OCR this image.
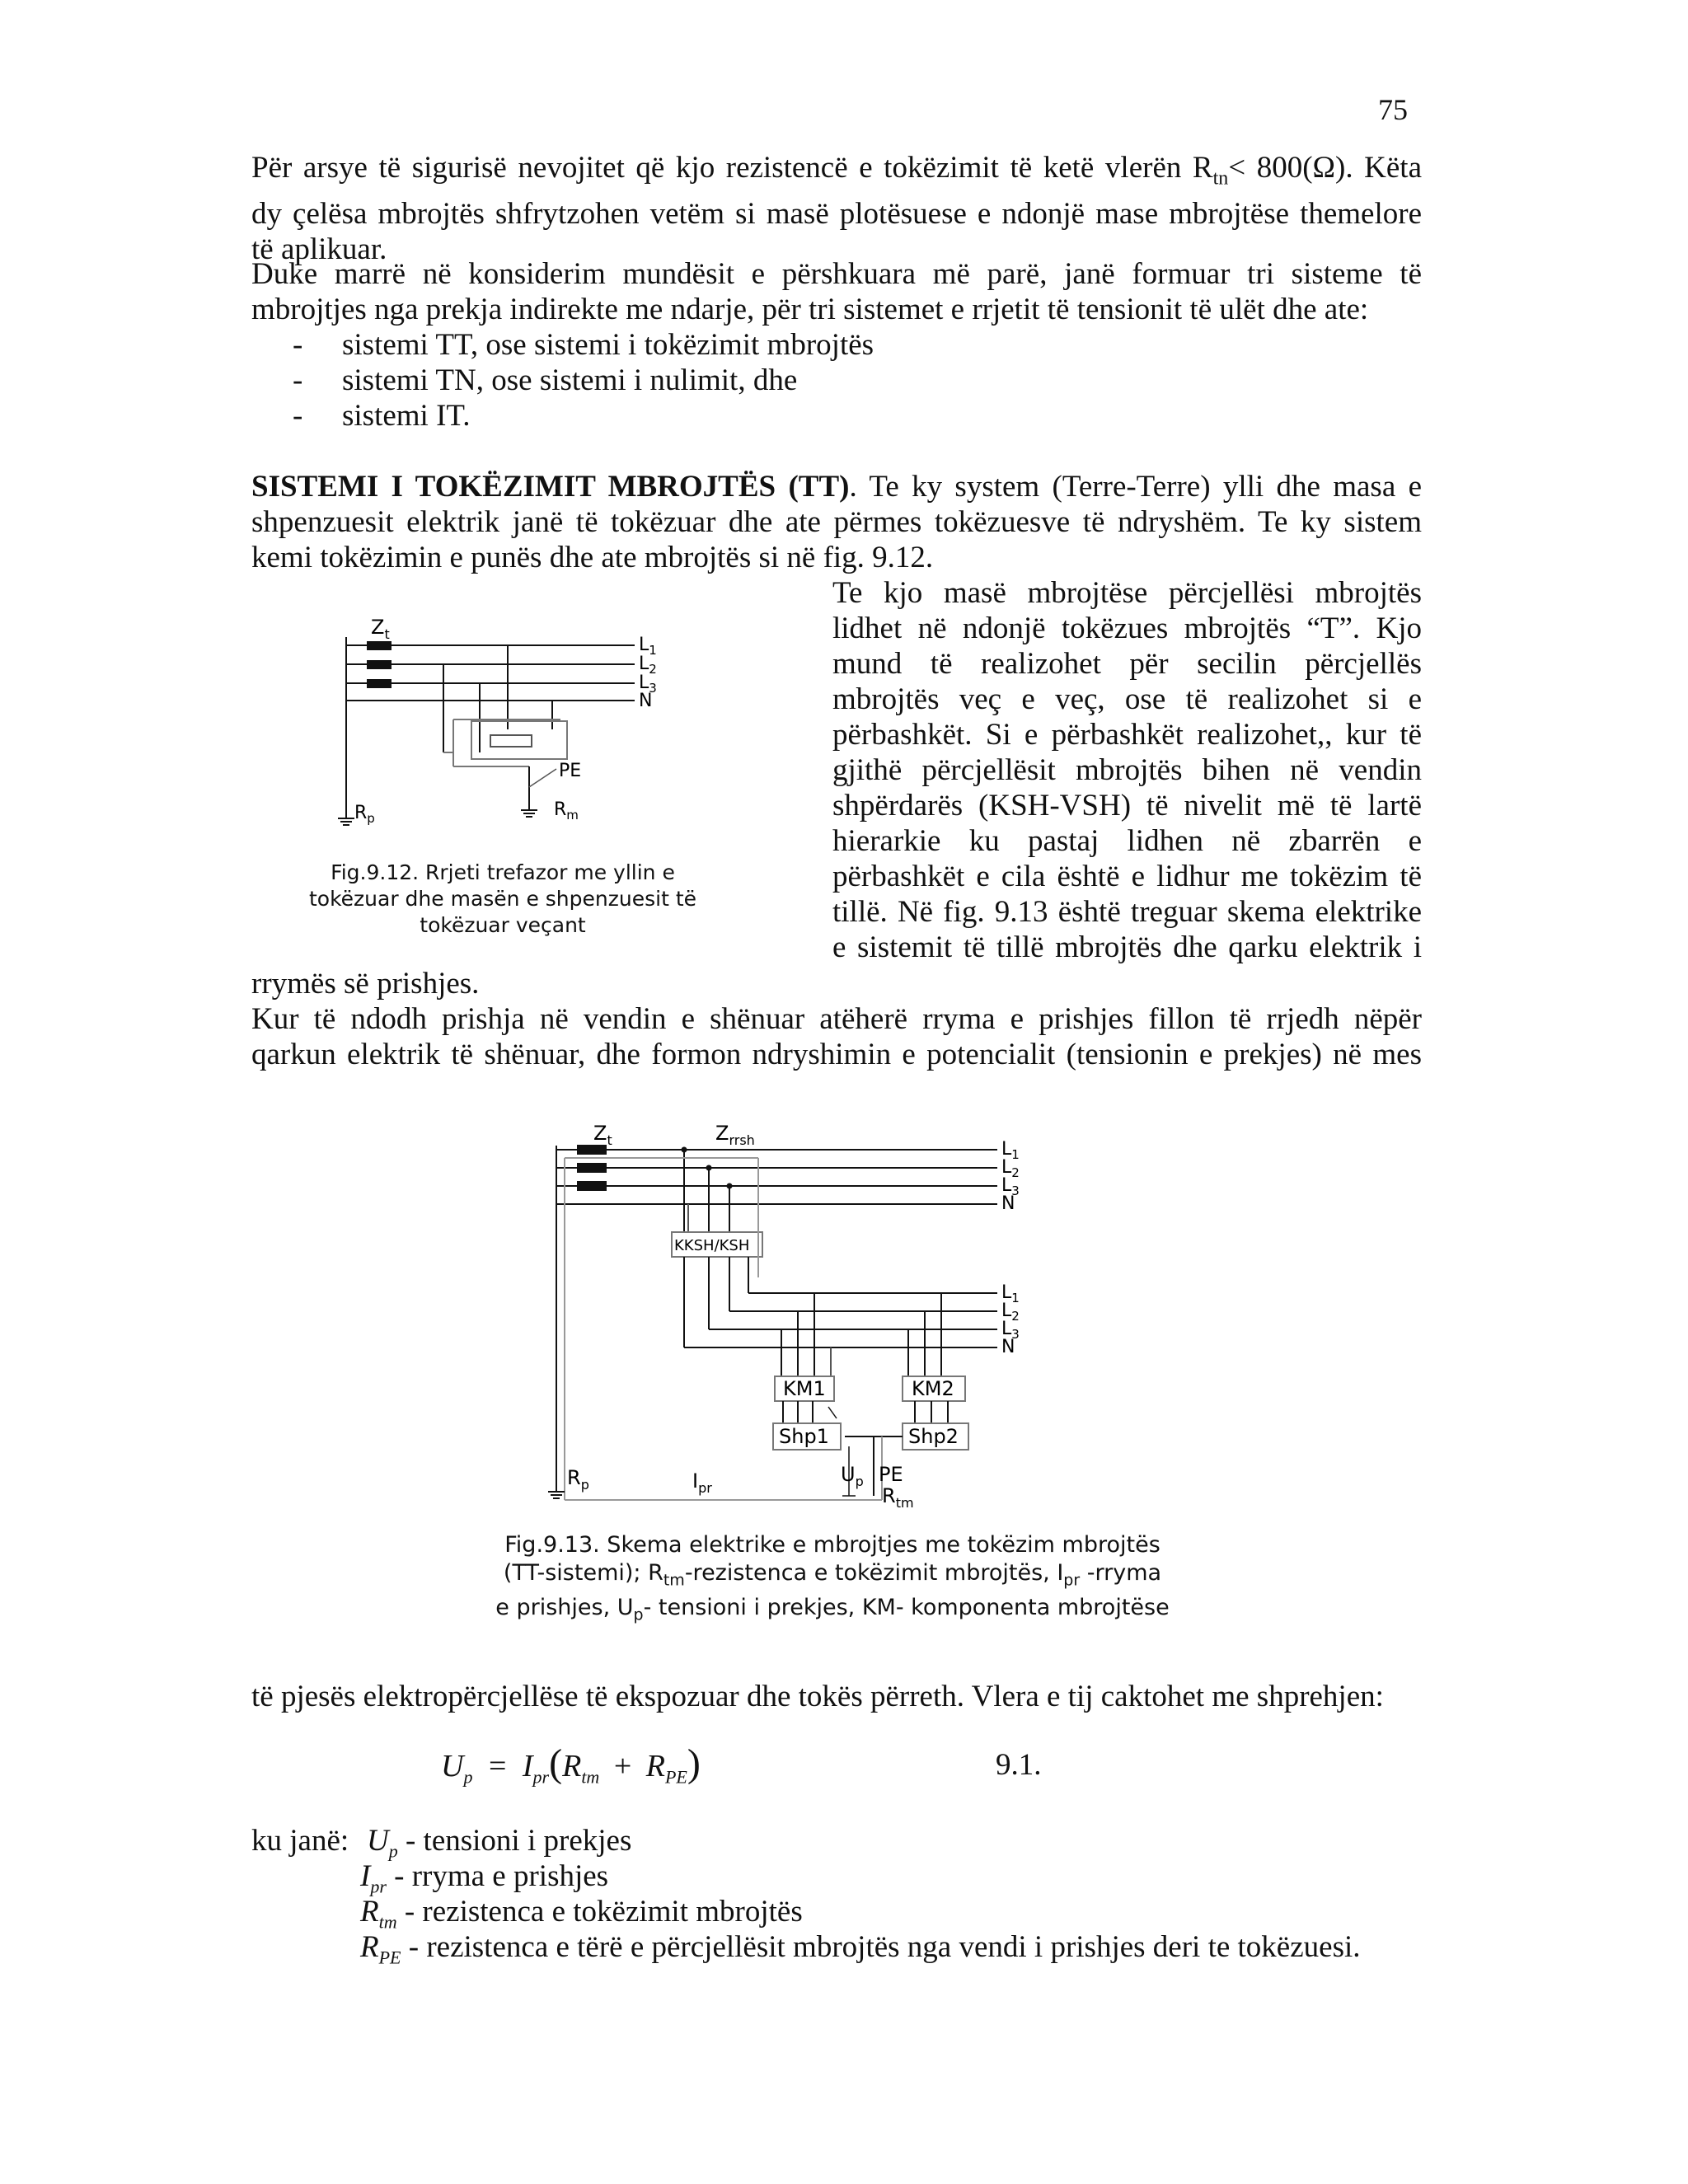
75
Për arsye të sigurisë nevojitet që kjo rezistencë e tokëzimit të ketë vlerën $R_{tn}< 800(\Omega)$. Këta
dy çelësa mbrojtës shfrytzohen vetëm si masë plotësuese e ndonjë mase mbrojtëse themelore
të aplikuar.
Duke marrë në konsiderim mundësit e përshkuara më parë, janë formuar tri sisteme të
mbrojtjes nga prekja indirekte me ndarje, për tri sistemet e rrjetit të tensionit të ulët dhe ate:
- sistemi TT, ose sistemi i tokëzimit mbrojtës
- sistemi TN, ose sistemi i nulimit, dhe
- sistemi IT.
SISTEMI I TOKËZIMIT MBROJTËS (TT). Te ky system (Terre-Terre) ylli dhe masa e
shpenzuesit elektrik janë të tokëzuar dhe ate përmes tokëzuesve të ndryshëm. Te ky sistem
kemi tokëzimin e punës dhe ate mbrojtës si në fig. 9.12.
Te kjo masë mbrojtëse përcjellësi mbrojtës
lidhet në ndonjë tokëzues mbrojtës “T”. Kjo
mund të realizohet për secilin përcjellës
mbrojtës veç e veç, ose të realizohet si e
përbashkët. Si e përbashkët realizohet,, kur të
gjithë përcjellësit mbrojtës bihen në vendin
shpërdarës (KSH-VSH) të nivelit më të lartë
hierarkie ku pastaj lidhen në zbarrën e
përbashkët e cila është e lidhur me tokëzim të
tillë. Në fig. 9.13 është treguar skema elektrike
e sistemit të tillë mbrojtës dhe qarku elektrik i
$Z_t$
$L_1$
$L_2$
$L_3$
N
PE
$R_p$	$R_m$
Fig.9.12. Rrjeti trefazor me yllin e
tokëzuar dhe masën e shpenzuesit të
tokëzuar veçant
rrymës së prishjes.
Kur të ndodh prishja në vendin e shënuar atëherë rryma e prishjes fillon të rrjedh nëpër
qarkun elektrik të shënuar, dhe formon ndryshimin e potencialit (tensionin e prekjes) në mes
$Z_t$	$Z_{rrsh}$	$L_1$
$L_2$
$L_3$
N
KKSH/KSH
$L_1$
$L_2$
$L_3$
N
KM1	KM2
Shp1	Shp2
$R_p$	$I_{pr}$
$U_p$ PE
$R_{tm}$
Fig.9.13. Skema elektrike e mbrojtjes me tokëzim mbrojtës
(TT-sistemi); $R_{tm}$-rezistenca e tokëzimit mbrojtës, $I_{pr}$ -rryma
e prishjes, $U_p-$ tensioni i prekjes, KM- komponenta mbrojtëse
të pjesës elektropërcjellëse të ekspozuar dhe tokës përreth. Vlera e tij caktohet me shprehjen:
$U_p = I_{pr}(R_{tm} + R_{PE})$	9.1.
ku janë: $U_p$ - tensioni i prekjes
$I_{pr}$ - rryma e prishjes
$R_{tm}$ - rezistenca e tokëzimit mbrojtës
$R_{PE}$ - rezistenca e tërë e përcjellësit mbrojtës nga vendi i prishjes deri te tokëzuesi.
